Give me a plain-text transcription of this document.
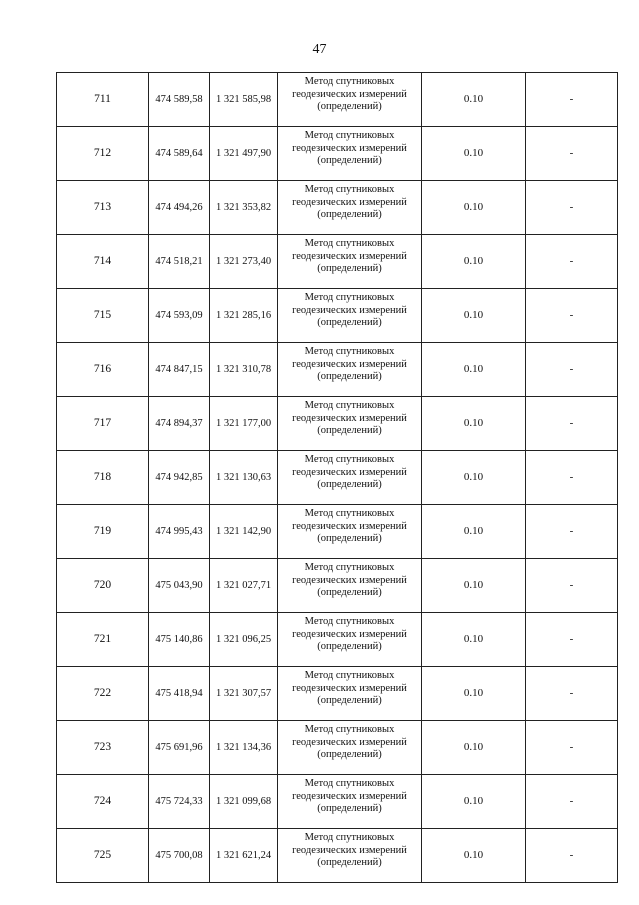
47
711	474 589,58	1 321 585,98	Метод спутниковых
геодезических измерений
(определений)	0.10	-
712	474 589,64	1 321 497,90	Метод спутниковых
геодезических измерений
(определений)	0.10	-
713	474 494,26	1 321 353,82	Метод спутниковых
геодезических измерений
(определений)	0.10	-
714	474 518,21	1 321 273,40	Метод спутниковых
геодезических измерений
(определений)	0.10	-
715	474 593,09	1 321 285,16	Метод спутниковых
геодезических измерений
(определений)	0.10	-
716	474 847,15	1 321 310,78	Метод спутниковых
геодезических измерений
(определений)	0.10	-
717	474 894,37	1 321 177,00	Метод спутниковых
геодезических измерений
(определений)	0.10	-
718	474 942,85	1 321 130,63	Метод спутниковых
геодезических измерений
(определений)	0.10	-
719	474 995,43	1 321 142,90	Метод спутниковых
геодезических измерений
(определений)	0.10	-
720	475 043,90	1 321 027,71	Метод спутниковых
геодезических измерений
(определений)	0.10	-
721	475 140,86	1 321 096,25	Метод спутниковых
геодезических измерений
(определений)	0.10	-
722	475 418,94	1 321 307,57	Метод спутниковых
геодезических измерений
(определений)	0.10	-
723	475 691,96	1 321 134,36	Метод спутниковых
геодезических измерений
(определений)	0.10	-
724	475 724,33	1 321 099,68	Метод спутниковых
геодезических измерений
(определений)	0.10	-
725	475 700,08	1 321 621,24	Метод спутниковых
геодезических измерений
(определений)	0.10	-
